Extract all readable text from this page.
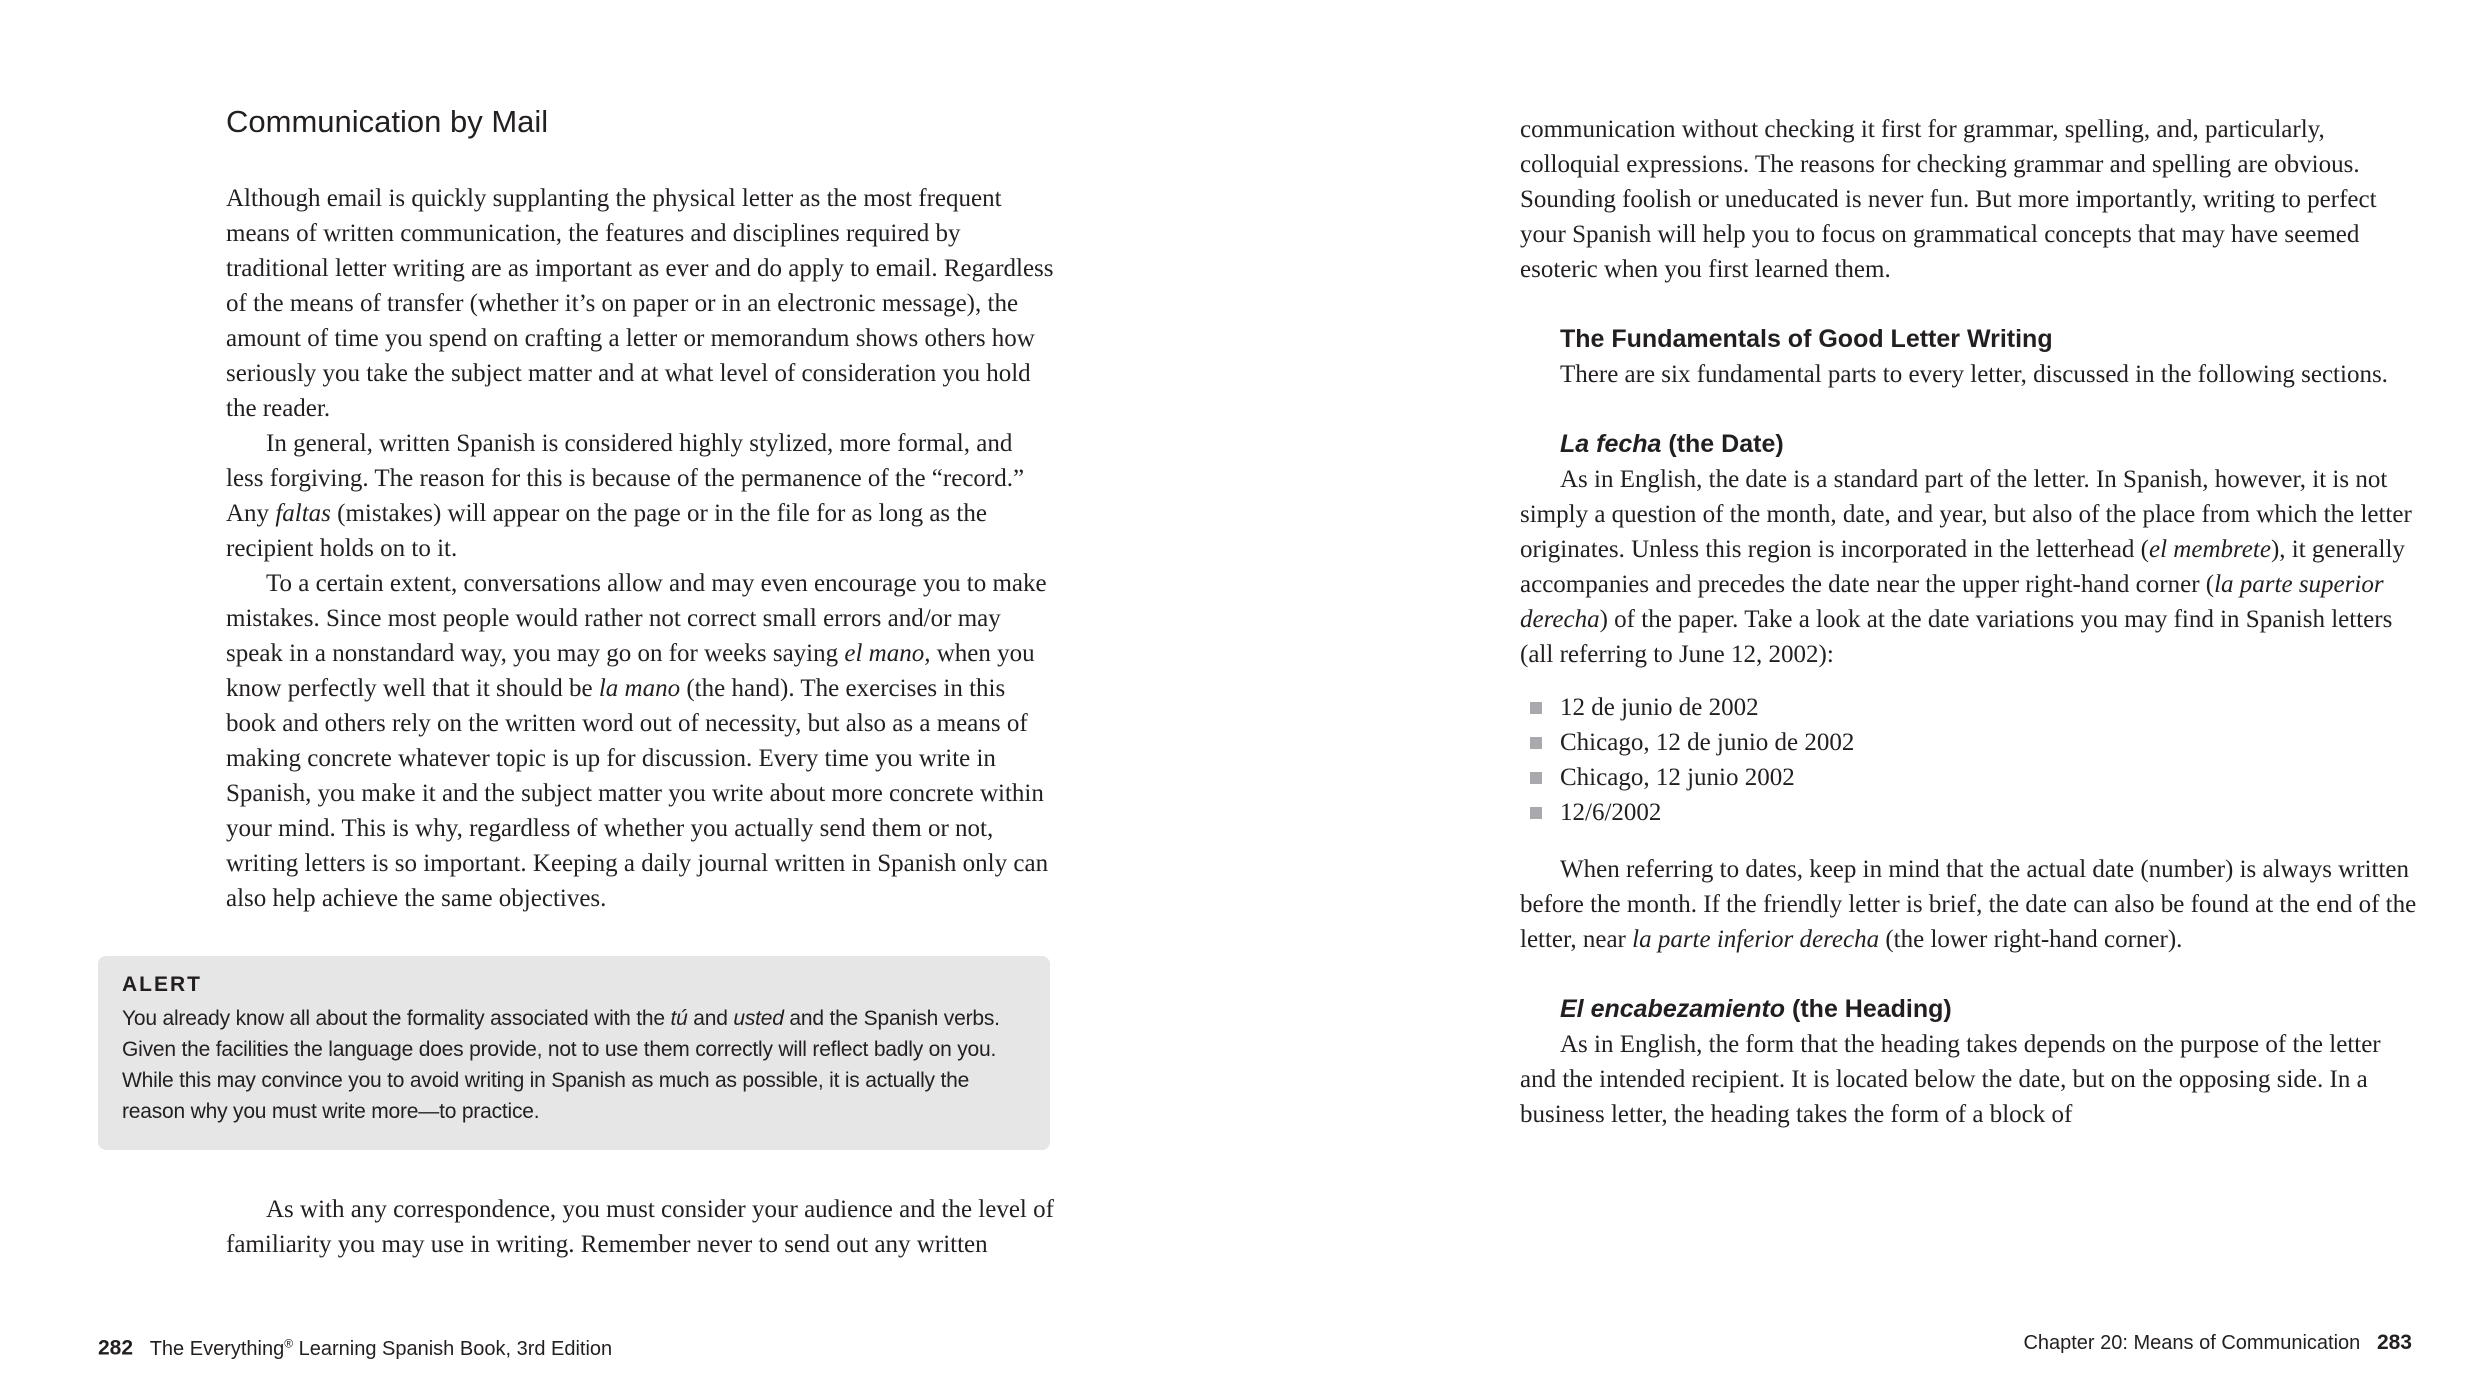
Communication by Mail

Although email is quickly supplanting the physical letter as the most frequent means of written communication, the features and disciplines required by traditional letter writing are as important as ever and do apply to email. Regardless of the means of transfer (whether it’s on paper or in an electronic message), the amount of time you spend on crafting a letter or memorandum shows others how seriously you take the subject matter and at what level of consideration you hold the reader.

In general, written Spanish is considered highly stylized, more formal, and less forgiving. The reason for this is because of the permanence of the “record.” Any faltas (mistakes) will appear on the page or in the file for as long as the recipient holds on to it.

To a certain extent, conversations allow and may even encourage you to make mistakes. Since most people would rather not correct small errors and/or may speak in a nonstandard way, you may go on for weeks saying el mano, when you know perfectly well that it should be la mano (the hand). The exercises in this book and others rely on the written word out of necessity, but also as a means of making concrete whatever topic is up for discussion. Every time you write in Spanish, you make it and the subject matter you write about more concrete within your mind. This is why, regardless of whether you actually send them or not, writing letters is so important. Keeping a daily journal written in Spanish only can also help achieve the same objectives.

ALERT

You already know all about the formality associated with the tú and usted and the Spanish verbs. Given the facilities the language does provide, not to use them correctly will reflect badly on you. While this may convince you to avoid writing in Spanish as much as possible, it is actually the reason why you must write more—to practice.

As with any correspondence, you must consider your audience and the level of familiarity you may use in writing. Remember never to send out any written

282 The Everything® Learning Spanish Book, 3rd Edition

communication without checking it first for grammar, spelling, and, particularly, colloquial expressions. The reasons for checking grammar and spelling are obvious. Sounding foolish or uneducated is never fun. But more importantly, writing to perfect your Spanish will help you to focus on grammatical concepts that may have seemed esoteric when you first learned them.

The Fundamentals of Good Letter Writing

There are six fundamental parts to every letter, discussed in the following sections.

La fecha (the Date)

As in English, the date is a standard part of the letter. In Spanish, however, it is not simply a question of the month, date, and year, but also of the place from which the letter originates. Unless this region is incorporated in the letterhead (el membrete), it generally accompanies and precedes the date near the upper right-hand corner (la parte superior derecha) of the paper. Take a look at the date variations you may find in Spanish letters (all referring to June 12, 2002):

12 de junio de 2002
Chicago, 12 de junio de 2002
Chicago, 12 junio 2002
12/6/2002

When referring to dates, keep in mind that the actual date (number) is always written before the month. If the friendly letter is brief, the date can also be found at the end of the letter, near la parte inferior derecha (the lower right-hand corner).

El encabezamiento (the Heading)

As in English, the form that the heading takes depends on the purpose of the letter and the intended recipient. It is located below the date, but on the opposing side. In a business letter, the heading takes the form of a block of

Chapter 20: Means of Communication 283
